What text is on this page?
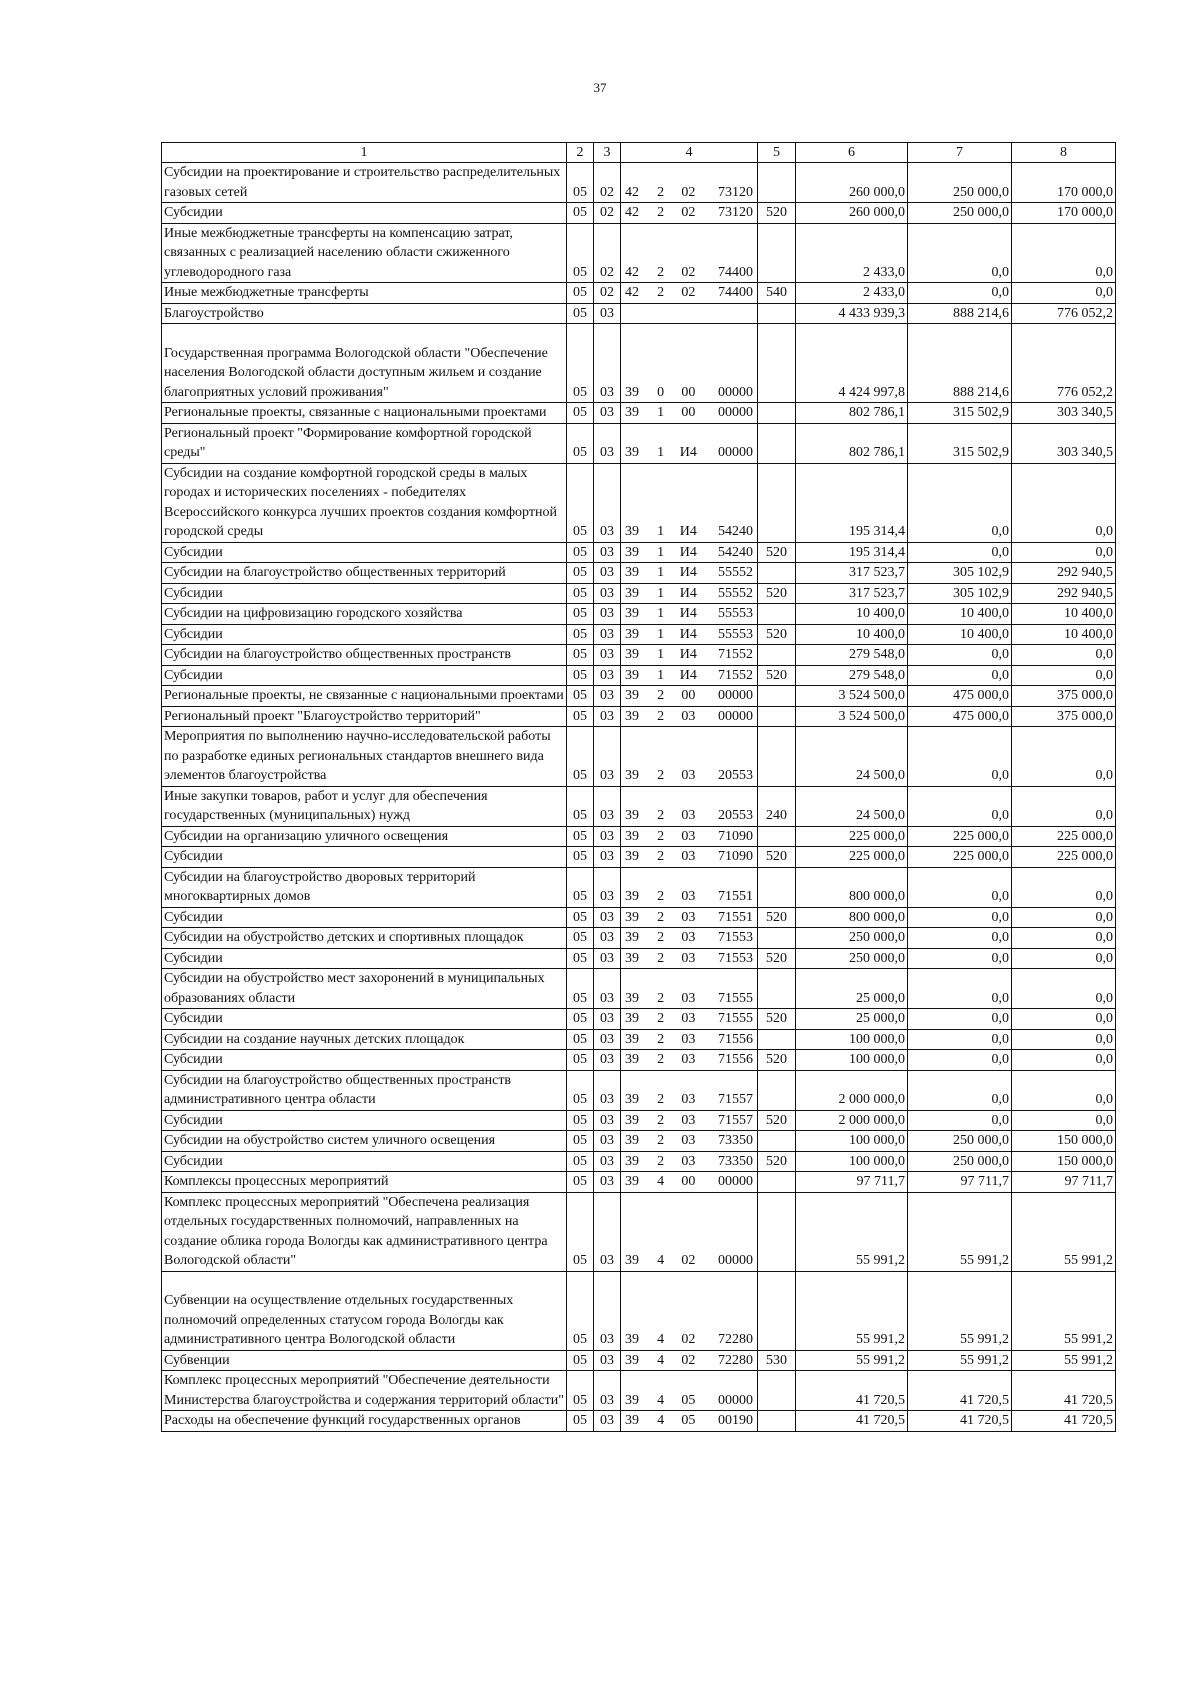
37
1	2	3	4	5	6	7	8
Субсидии на проектирование и строительство распределительных газовых сетей	05	02	42 2 02 73120		260 000,0	250 000,0	170 000,0
Субсидии	05	02	42 2 02 73120	520	260 000,0	250 000,0	170 000,0
Иные межбюджетные трансферты на компенсацию затрат, связанных с реализацией населению области сжиженного углеводородного газа	05	02	42 2 02 74400		2 433,0	0,0	0,0
Иные межбюджетные трансферты	05	02	42 2 02 74400	540	2 433,0	0,0	0,0
Благоустройство	05	03			4 433 939,3	888 214,6	776 052,2
Государственная программа Вологодской области "Обеспечение населения Вологодской области доступным жильем и создание благоприятных условий проживания"	05	03	39 0 00 00000		4 424 997,8	888 214,6	776 052,2
Региональные проекты, связанные с национальными проектами	05	03	39 1 00 00000		802 786,1	315 502,9	303 340,5
Региональный проект "Формирование комфортной городской среды"	05	03	39 1 И4 00000		802 786,1	315 502,9	303 340,5
Субсидии на создание комфортной городской среды в малых городах и исторических поселениях - победителях Всероссийского конкурса лучших проектов создания комфортной городской среды	05	03	39 1 И4 54240		195 314,4	0,0	0,0
Субсидии	05	03	39 1 И4 54240	520	195 314,4	0,0	0,0
Субсидии на благоустройство общественных территорий	05	03	39 1 И4 55552		317 523,7	305 102,9	292 940,5
Субсидии	05	03	39 1 И4 55552	520	317 523,7	305 102,9	292 940,5
Субсидии на цифровизацию городского хозяйства	05	03	39 1 И4 55553		10 400,0	10 400,0	10 400,0
Субсидии	05	03	39 1 И4 55553	520	10 400,0	10 400,0	10 400,0
Субсидии на благоустройство общественных пространств	05	03	39 1 И4 71552		279 548,0	0,0	0,0
Субсидии	05	03	39 1 И4 71552	520	279 548,0	0,0	0,0
Региональные проекты, не связанные с национальными проектами	05	03	39 2 00 00000		3 524 500,0	475 000,0	375 000,0
Региональный проект "Благоустройство территорий"	05	03	39 2 03 00000		3 524 500,0	475 000,0	375 000,0
Мероприятия по выполнению научно-исследовательской работы по разработке единых региональных стандартов внешнего вида элементов благоустройства	05	03	39 2 03 20553		24 500,0	0,0	0,0
Иные закупки товаров, работ и услуг для обеспечения государственных (муниципальных) нужд	05	03	39 2 03 20553	240	24 500,0	0,0	0,0
Субсидии на организацию уличного освещения	05	03	39 2 03 71090		225 000,0	225 000,0	225 000,0
Субсидии	05	03	39 2 03 71090	520	225 000,0	225 000,0	225 000,0
Субсидии на благоустройство дворовых территорий многоквартирных домов	05	03	39 2 03 71551		800 000,0	0,0	0,0
Субсидии	05	03	39 2 03 71551	520	800 000,0	0,0	0,0
Субсидии на обустройство детских и спортивных площадок	05	03	39 2 03 71553		250 000,0	0,0	0,0
Субсидии	05	03	39 2 03 71553	520	250 000,0	0,0	0,0
Субсидии на обустройство мест захоронений в муниципальных образованиях области	05	03	39 2 03 71555		25 000,0	0,0	0,0
Субсидии	05	03	39 2 03 71555	520	25 000,0	0,0	0,0
Субсидии на создание научных детских площадок	05	03	39 2 03 71556		100 000,0	0,0	0,0
Субсидии	05	03	39 2 03 71556	520	100 000,0	0,0	0,0
Субсидии на благоустройство общественных пространств административного центра области	05	03	39 2 03 71557		2 000 000,0	0,0	0,0
Субсидии	05	03	39 2 03 71557	520	2 000 000,0	0,0	0,0
Субсидии на обустройство систем уличного освещения	05	03	39 2 03 73350		100 000,0	250 000,0	150 000,0
Субсидии	05	03	39 2 03 73350	520	100 000,0	250 000,0	150 000,0
Комплексы процессных мероприятий	05	03	39 4 00 00000		97 711,7	97 711,7	97 711,7
Комплекс процессных мероприятий "Обеспечена реализация отдельных государственных полномочий, направленных на создание облика города Вологды как административного центра Вологодской области"	05	03	39 4 02 00000		55 991,2	55 991,2	55 991,2
Субвенции на осуществление отдельных государственных полномочий определенных статусом города Вологды как административного центра Вологодской области	05	03	39 4 02 72280		55 991,2	55 991,2	55 991,2
Субвенции	05	03	39 4 02 72280	530	55 991,2	55 991,2	55 991,2
Комплекс процессных мероприятий "Обеспечение деятельности Министерства благоустройства и содержания территорий области"	05	03	39 4 05 00000		41 720,5	41 720,5	41 720,5
Расходы на обеспечение функций государственных органов	05	03	39 4 05 00190		41 720,5	41 720,5	41 720,5
